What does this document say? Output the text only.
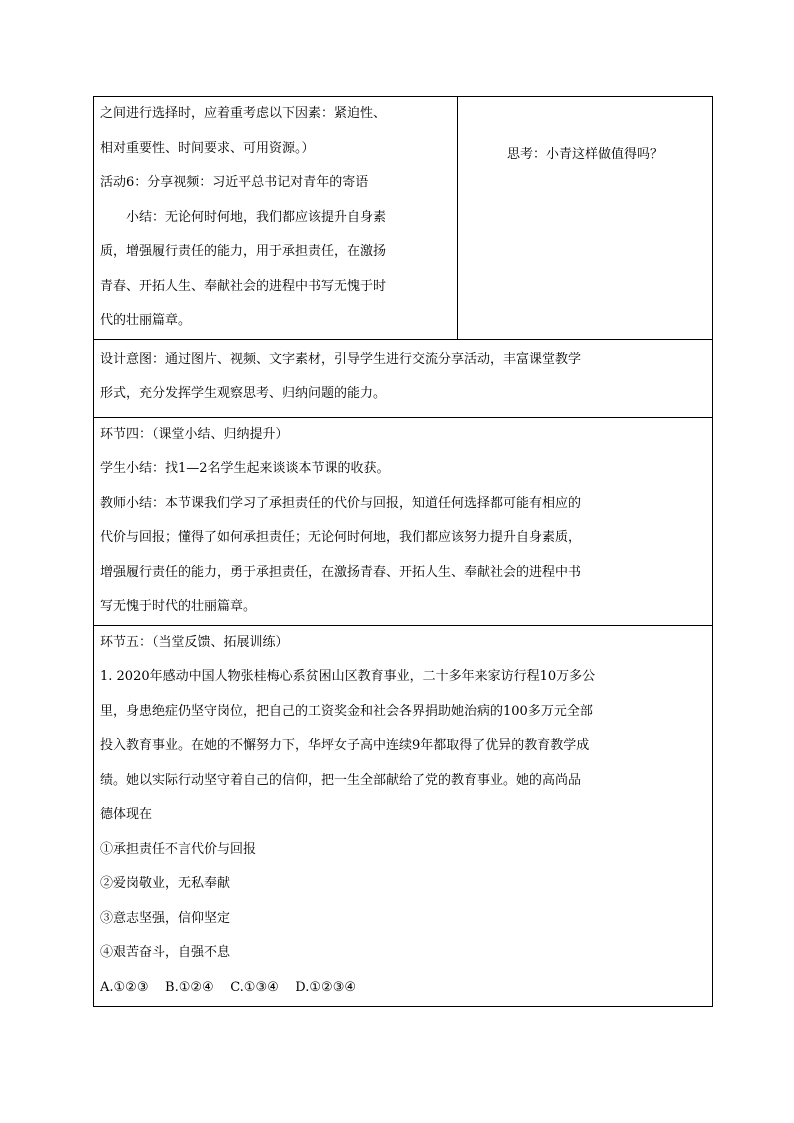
之间进行选择时，应着重考虑以下因素：紧迫性、
相对重要性、时间要求、可用资源。）
活动6：分享视频：习近平总书记对青年的寄语
小结：无论何时何地，我们都应该提升自身素
质，增强履行责任的能力，用于承担责任，在激扬
青春、开拓人生、奉献社会的进程中书写无愧于时
代的壮丽篇章。

思考：小青这样做值得吗？

设计意图：通过图片、视频、文字素材，引导学生进行交流分享活动，丰富课堂教学
形式，充分发挥学生观察思考、归纳问题的能力。

环节四：（课堂小结、归纳提升）
学生小结：找1—2名学生起来谈谈本节课的收获。
教师小结：本节课我们学习了承担责任的代价与回报，知道任何选择都可能有相应的
代价与回报；懂得了如何承担责任；无论何时何地，我们都应该努力提升自身素质，
增强履行责任的能力，勇于承担责任，在激扬青春、开拓人生、奉献社会的进程中书
写无愧于时代的壮丽篇章。

环节五：（当堂反馈、拓展训练）
1. 2020年感动中国人物张桂梅心系贫困山区教育事业，二十多年来家访行程10万多公
里，身患绝症仍坚守岗位，把自己的工资奖金和社会各界捐助她治病的100多万元全部
投入教育事业。在她的不懈努力下，华坪女子高中连续9年都取得了优异的教育教学成
绩。她以实际行动坚守着自己的信仰，把一生全部献给了党的教育事业。她的高尚品
德体现在
①承担责任不言代价与回报
②爱岗敬业，无私奉献
③意志坚强，信仰坚定
④艰苦奋斗，自强不息
A.①②③    B.①②④    C.①③④    D.①②③④
